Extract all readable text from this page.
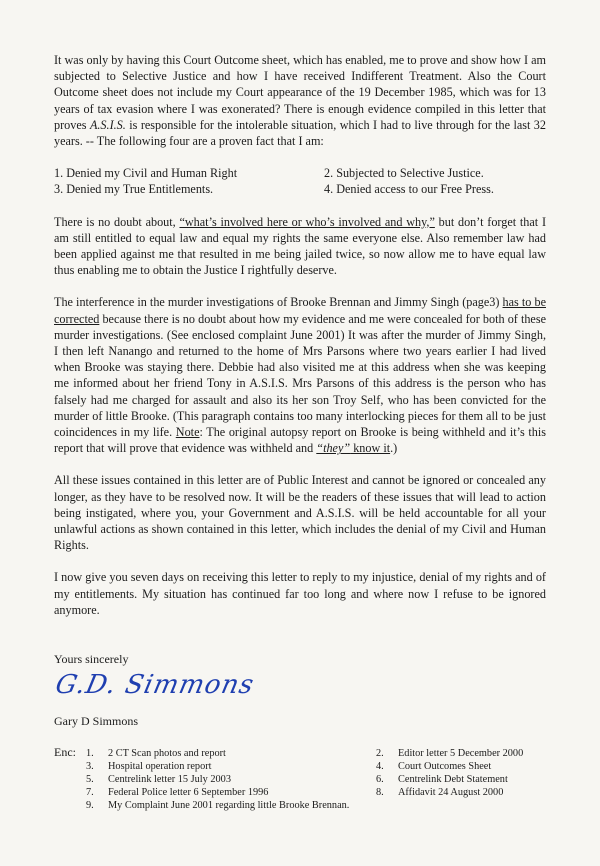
It was only by having this Court Outcome sheet, which has enabled, me to prove and show how I am subjected to Selective Justice and how I have received Indifferent Treatment. Also the Court Outcome sheet does not include my Court appearance of the 19 December 1985, which was for 13 years of tax evasion where I was exonerated? There is enough evidence compiled in this letter that proves A.S.I.S. is responsible for the intolerable situation, which I had to live through for the last 32 years. -- The following four are a proven fact that I am:

1. Denied my Civil and Human Right	2. Subjected to Selective Justice.
3. Denied my True Entitlements.	4. Denied access to our Free Press.

There is no doubt about, “what’s involved here or who’s involved and why,” but don’t forget that I am still entitled to equal law and equal my rights the same everyone else. Also remember law had been applied against me that resulted in me being jailed twice, so now allow me to have equal law thus enabling me to obtain the Justice I rightfully deserve.

The interference in the murder investigations of Brooke Brennan and Jimmy Singh (page3) has to be corrected because there is no doubt about how my evidence and me were concealed for both of these murder investigations. (See enclosed complaint June 2001) It was after the murder of Jimmy Singh, I then left Nanango and returned to the home of Mrs Parsons where two years earlier I had lived when Brooke was staying there. Debbie had also visited me at this address when she was keeping me informed about her friend Tony in A.S.I.S. Mrs Parsons of this address is the person who has falsely had me charged for assault and also its her son Troy Self, who has been convicted for the murder of little Brooke. (This paragraph contains too many interlocking pieces for them all to be just coincidences in my life. Note: The original autopsy report on Brooke is being withheld and it’s this report that will prove that evidence was withheld and “they” know it.)

All these issues contained in this letter are of Public Interest and cannot be ignored or concealed any longer, as they have to be resolved now. It will be the readers of these issues that will lead to action being instigated, where you, your Government and A.S.I.S. will be held accountable for all your unlawful actions as shown contained in this letter, which includes the denial of my Civil and Human Rights.

I now give you seven days on receiving this letter to reply to my injustice, denial of my rights and of my entitlements. My situation has continued far too long and where now I refuse to be ignored anymore.

Yours sincerely
G.D. Simmons
Gary D Simmons
Enc: 1.	2 CT Scan photos and report
3.	Hospital operation report
5.	Centrelink letter 15 July 2003
7.	Federal Police letter 6 September 1996
9.	My Complaint June 2001 regarding little Brooke Brennan.
2.	Editor letter 5 December 2000
4.	Court Outcomes Sheet
6.	Centrelink Debt Statement
8.	Affidavit 24 August 2000
